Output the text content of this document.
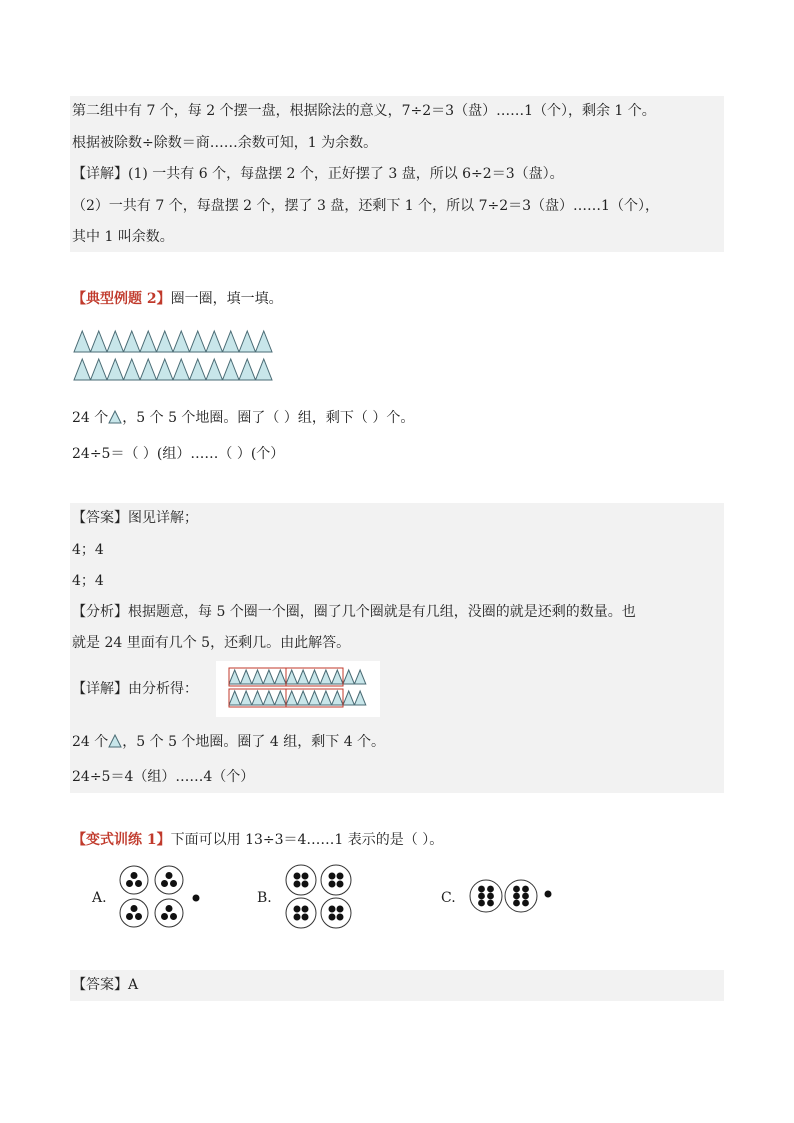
第二组中有 7 个，每 2 个摆一盘，根据除法的意义，7÷2＝3（盘）……1（个），剩余 1 个。
根据被除数÷除数＝商……余数可知，1 为余数。
【详解】(1) 一共有 6 个，每盘摆 2 个，正好摆了 3 盘，所以 6÷2＝3（盘）。
（2）一共有 7 个，每盘摆 2 个，摆了 3 盘，还剩下 1 个，所以 7÷2＝3（盘）……1（个），
其中 1 叫余数。
【典型例题 2】圈一圈，填一填。
24 个 ，5 个 5 个地圈。圈了（ ）组，剩下（ ）个。
24÷5＝（ ）(组）……（ ）(个）
【答案】图见详解；
4；4
4；4
【分析】根据题意，每 5 个圈一个圈，圈了几个圈就是有几组，没圈的就是还剩的数量。也
就是 24 里面有几个 5，还剩几。由此解答。
【详解】由分析得：
24 个 ，5 个 5 个地圈。圈了 4 组，剩下 4 个。
24÷5＝4（组）……4（个）
【变式训练 1】下面可以用 13÷3＝4……1 表示的是（ ）。
A.	B.	C.
【答案】A
